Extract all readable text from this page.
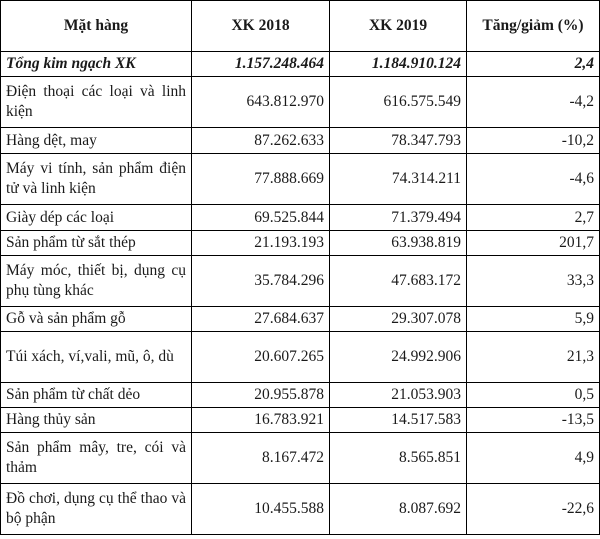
Mặt hàng	XK 2018	XK 2019	Tăng/giảm (%)
Tổng kim ngạch XK	1.157.248.464	1.184.910.124	2,4
Điện thoại các loại và linh kiện	643.812.970	616.575.549	-4,2
Hàng dệt, may	87.262.633	78.347.793	-10,2
Máy vi tính, sản phẩm điện tử và linh kiện	77.888.669	74.314.211	-4,6
Giày dép các loại	69.525.844	71.379.494	2,7
Sản phẩm từ sắt thép	21.193.193	63.938.819	201,7
Máy móc, thiết bị, dụng cụ phụ tùng khác	35.784.296	47.683.172	33,3
Gỗ và sản phẩm gỗ	27.684.637	29.307.078	5,9
Túi xách, ví,vali, mũ, ô, dù	20.607.265	24.992.906	21,3
Sản phẩm từ chất dẻo	20.955.878	21.053.903	0,5
Hàng thủy sản	16.783.921	14.517.583	-13,5
Sản phẩm mây, tre, cói và thảm	8.167.472	8.565.851	4,9
Đồ chơi, dụng cụ thể thao và bộ phận	10.455.588	8.087.692	-22,6
